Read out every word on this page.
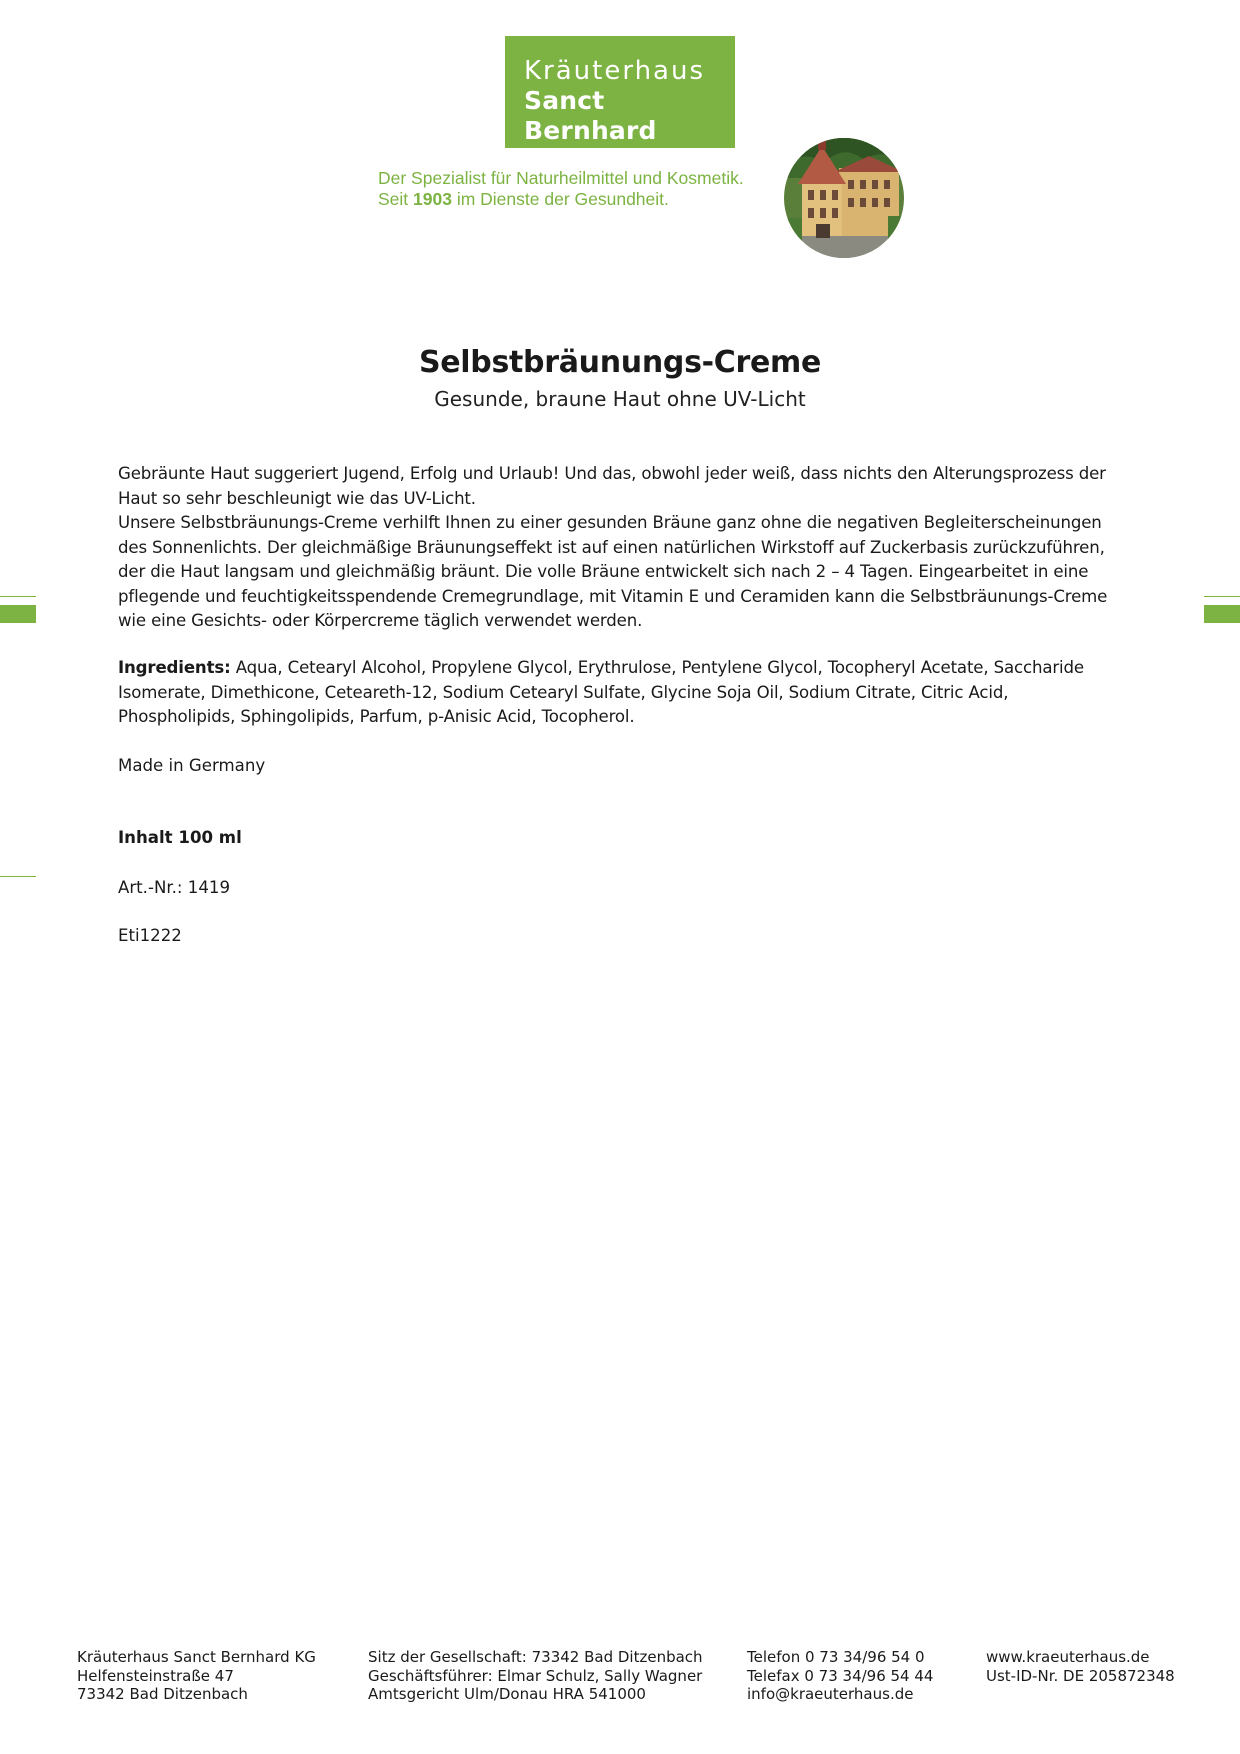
Kräuterhaus
Sanct Bernhard
Der Spezialist für Naturheilmittel und Kosmetik.
Seit 1903 im Dienste der Gesundheit.
Selbstbräunungs-Creme
Gesunde, braune Haut ohne UV-Licht

Gebräunte Haut suggeriert Jugend, Erfolg und Urlaub! Und das, obwohl jeder weiß, dass nichts den Alterungsprozess der Haut so sehr beschleunigt wie das UV-Licht.

Unsere Selbstbräunungs-Creme verhilft Ihnen zu einer gesunden Bräune ganz ohne die negativen Begleiterscheinungen des Sonnenlichts. Der gleichmäßige Bräunungseffekt ist auf einen natürlichen Wirkstoff auf Zuckerbasis zurückzuführen, der die Haut langsam und gleichmäßig bräunt. Die volle Bräune entwickelt sich nach 2 – 4 Tagen. Eingearbeitet in eine pflegende und feuchtigkeitsspendende Cremegrundlage, mit Vitamin E und Ceramiden kann die Selbstbräunungs-Creme wie eine Gesichts- oder Körpercreme täglich verwendet werden.

Ingredients: Aqua, Cetearyl Alcohol, Propylene Glycol, Erythrulose, Pentylene Glycol, Tocopheryl Acetate, Saccharide Isomerate, Dimethicone, Ceteareth-12, Sodium Cetearyl Sulfate, Glycine Soja Oil, Sodium Citrate, Citric Acid, Phospholipids, Sphingolipids, Parfum, p-Anisic Acid, Tocopherol.
Made in Germany
Inhalt 100 ml
Art.-Nr.: 1419
Eti1222
Kräuterhaus Sanct Bernhard KG
Helfensteinstraße 47
73342 Bad Ditzenbach
Sitz der Gesellschaft: 73342 Bad Ditzenbach
Geschäftsführer: Elmar Schulz, Sally Wagner
Amtsgericht Ulm/Donau HRA 541000
Telefon 0 73 34/96 54 0
Telefax 0 73 34/96 54 44
info@kraeuterhaus.de
www.kraeuterhaus.de
Ust-ID-Nr. DE 205872348
